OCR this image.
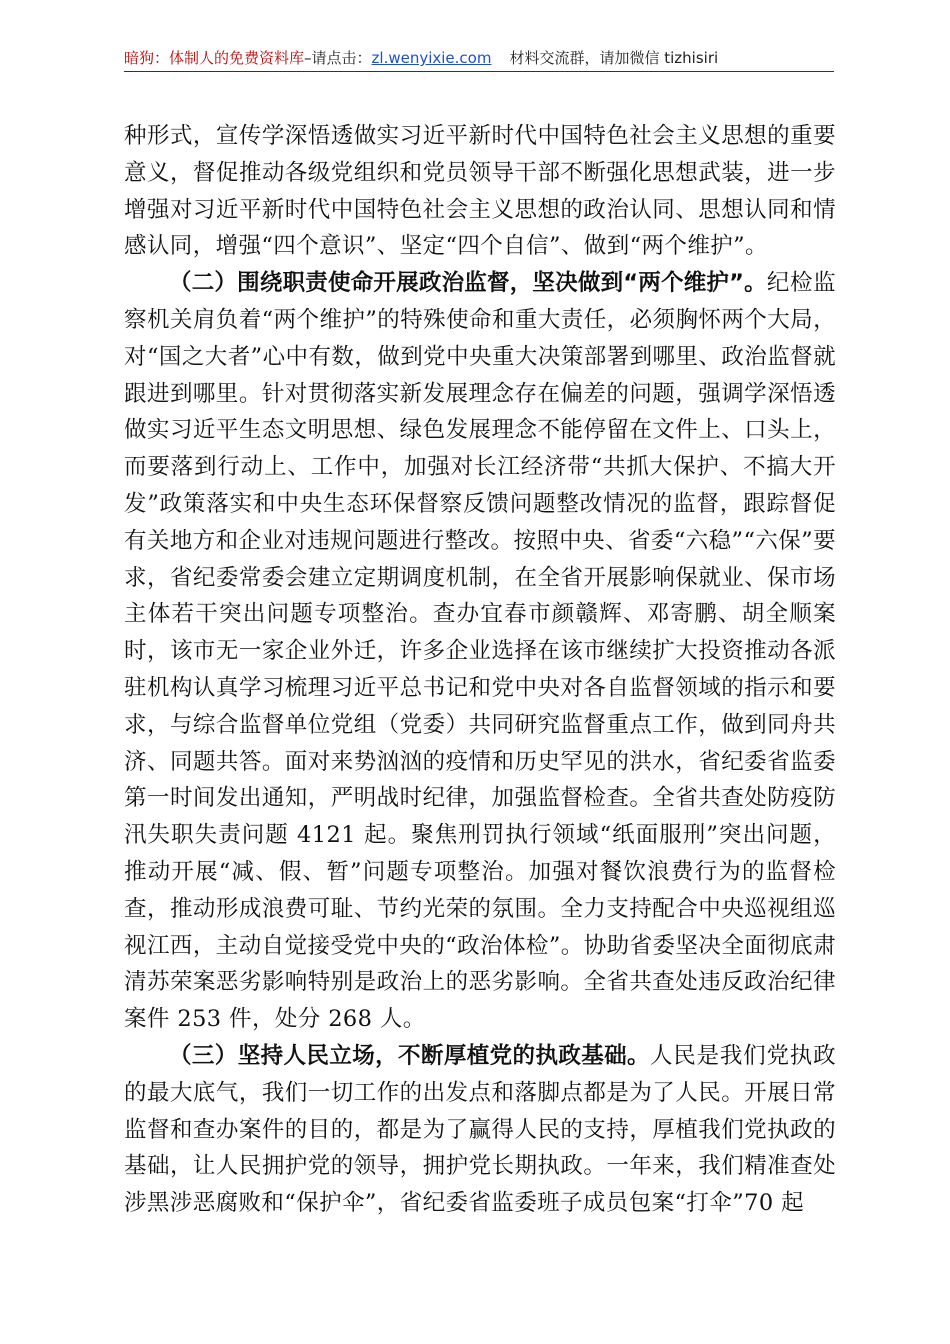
暗狗：体制人的免费资料库–请点击：zl.wenyixie.com 材料交流群，请加微信 tizhisiri

种形式，宣传学深悟透做实习近平新时代中国特色社会主义思想的重要意义，督促推动各级党组织和党员领导干部不断强化思想武装，进一步增强对习近平新时代中国特色社会主义思想的政治认同、思想认同和情感认同，增强“四个意识”、坚定“四个自信”、做到“两个维护”。

（二）围绕职责使命开展政治监督，坚决做到“两个维护”。纪检监察机关肩负着“两个维护”的特殊使命和重大责任，必须胸怀两个大局，对“国之大者”心中有数，做到党中央重大决策部署到哪里、政治监督就跟进到哪里。针对贯彻落实新发展理念存在偏差的问题，强调学深悟透做实习近平生态文明思想、绿色发展理念不能停留在文件上、口头上，而要落到行动上、工作中，加强对长江经济带“共抓大保护、不搞大开发”政策落实和中央生态环保督察反馈问题整改情况的监督，跟踪督促有关地方和企业对违规问题进行整改。按照中央、省委“六稳”“六保”要求，省纪委常委会建立定期调度机制，在全省开展影响保就业、保市场主体若干突出问题专项整治。查办宜春市颜赣辉、邓寄鹏、胡全顺案时，该市无一家企业外迁，许多企业选择在该市继续扩大投资推动各派驻机构认真学习梳理习近平总书记和党中央对各自监督领域的指示和要求，与综合监督单位党组（党委）共同研究监督重点工作，做到同舟共济、同题共答。面对来势汹汹的疫情和历史罕见的洪水，省纪委省监委第一时间发出通知，严明战时纪律，加强监督检查。全省共查处防疫防汛失职失责问题 4121 起。聚焦刑罚执行领域“纸面服刑”突出问题，推动开展“减、假、暂”问题专项整治。加强对餐饮浪费行为的监督检查，推动形成浪费可耻、节约光荣的氛围。全力支持配合中央巡视组巡视江西，主动自觉接受党中央的“政治体检”。协助省委坚决全面彻底肃清苏荣案恶劣影响特别是政治上的恶劣影响。全省共查处违反政治纪律案件 253 件，处分 268 人。

（三）坚持人民立场，不断厚植党的执政基础。人民是我们党执政的最大底气，我们一切工作的出发点和落脚点都是为了人民。开展日常监督和查办案件的目的，都是为了赢得人民的支持，厚植我们党执政的基础，让人民拥护党的领导，拥护党长期执政。一年来，我们精准查处涉黑涉恶腐败和“保护伞”，省纪委省监委班子成员包案“打伞”70 起
